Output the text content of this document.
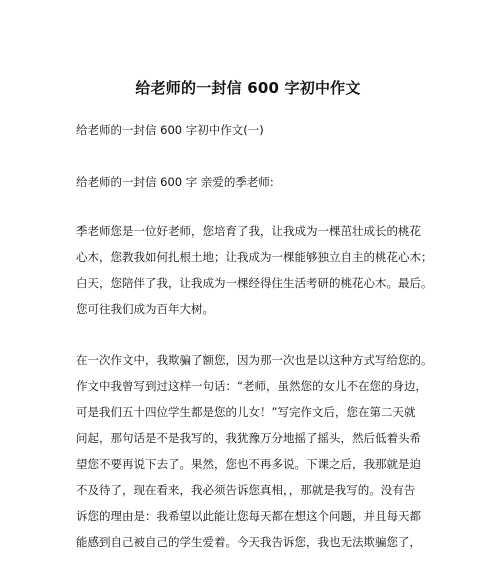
给老师的一封信 600 字初中作文
给老师的一封信 600 字初中作文(一)
给老师的一封信 600 字 亲爱的季老师:
季老师您是一位好老师，您培育了我，让我成为一棵茁壮成长的桃花
心木，您教我如何扎根土地；让我成为一棵能够独立自主的桃花心木；
白天，您陪伴了我，让我成为一棵经得住生活考研的桃花心木。最后。
您可往我们成为百年大树。
在一次作文中，我欺骗了额您，因为那一次也是以这种方式写给您的。
作文中我曾写到过这样一句话：“老师，虽然您的女儿不在您的身边，
可是我们五十四位学生都是您的儿女！”写完作文后，您在第二天就
问起，那句话是不是我写的，我犹豫万分地摇了摇头，然后低着头希
望您不要再说下去了。果然，您也不再多说。下课之后，我那就是迫
不及待了，现在看来，我必须告诉您真相，，那就是我写的。没有告
诉您的理由是：我希望以此能让您每天都在想这个问题，并且每天都
能感到自己被自己的学生爱着。今天我告诉您，我也无法欺骗您了，
